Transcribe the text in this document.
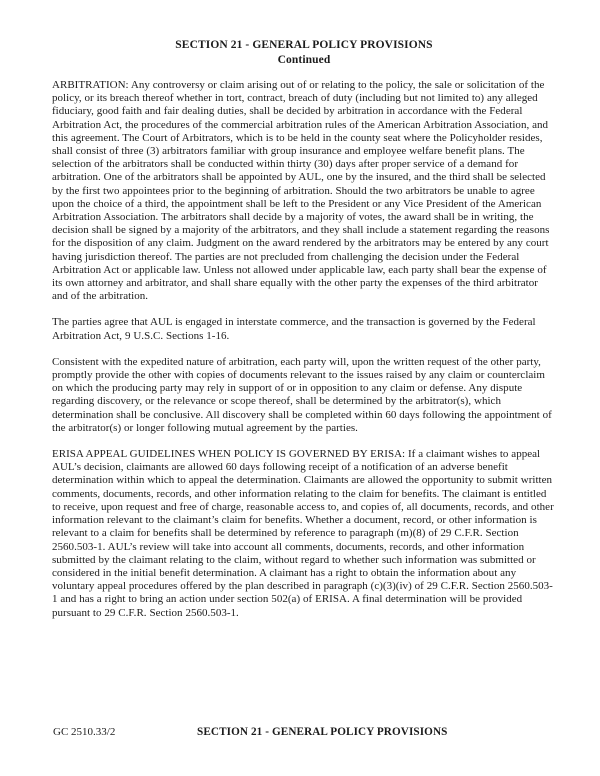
SECTION 21 - GENERAL POLICY PROVISIONS
Continued

ARBITRATION: Any controversy or claim arising out of or relating to the policy, the sale or solicitation of the policy, or its breach thereof whether in tort, contract, breach of duty (including but not limited to) any alleged fiduciary, good faith and fair dealing duties, shall be decided by arbitration in accordance with the Federal Arbitration Act, the procedures of the commercial arbitration rules of the American Arbitration Association, and this agreement. The Court of Arbitrators, which is to be held in the county seat where the Policyholder resides, shall consist of three (3) arbitrators familiar with group insurance and employee welfare benefit plans. The selection of the arbitrators shall be conducted within thirty (30) days after proper service of a demand for arbitration. One of the arbitrators shall be appointed by AUL, one by the insured, and the third shall be selected by the first two appointees prior to the beginning of arbitration. Should the two arbitrators be unable to agree upon the choice of a third, the appointment shall be left to the President or any Vice President of the American Arbitration Association. The arbitrators shall decide by a majority of votes, the award shall be in writing, the decision shall be signed by a majority of the arbitrators, and they shall include a statement regarding the reasons for the disposition of any claim. Judgment on the award rendered by the arbitrators may be entered by any court having jurisdiction thereof. The parties are not precluded from challenging the decision under the Federal Arbitration Act or applicable law. Unless not allowed under applicable law, each party shall bear the expense of its own attorney and arbitrator, and shall share equally with the other party the expenses of the third arbitrator and of the arbitration.

The parties agree that AUL is engaged in interstate commerce, and the transaction is governed by the Federal Arbitration Act, 9 U.S.C. Sections 1-16.

Consistent with the expedited nature of arbitration, each party will, upon the written request of the other party, promptly provide the other with copies of documents relevant to the issues raised by any claim or counterclaim on which the producing party may rely in support of or in opposition to any claim or defense. Any dispute regarding discovery, or the relevance or scope thereof, shall be determined by the arbitrator(s), which determination shall be conclusive. All discovery shall be completed within 60 days following the appointment of the arbitrator(s) or longer following mutual agreement by the parties.

ERISA APPEAL GUIDELINES WHEN POLICY IS GOVERNED BY ERISA: If a claimant wishes to appeal AUL’s decision, claimants are allowed 60 days following receipt of a notification of an adverse benefit determination within which to appeal the determination. Claimants are allowed the opportunity to submit written comments, documents, records, and other information relating to the claim for benefits. The claimant is entitled to receive, upon request and free of charge, reasonable access to, and copies of, all documents, records, and other information relevant to the claimant’s claim for benefits. Whether a document, record, or other information is relevant to a claim for benefits shall be determined by reference to paragraph (m)(8) of 29 C.F.R. Section 2560.503-1. AUL’s review will take into account all comments, documents, records, and other information submitted by the claimant relating to the claim, without regard to whether such information was submitted or considered in the initial benefit determination. A claimant has a right to obtain the information about any voluntary appeal procedures offered by the plan described in paragraph (c)(3)(iv) of 29 C.F.R. Section 2560.503-1 and has a right to bring an action under section 502(a) of ERISA. A final determination will be provided pursuant to 29 C.F.R. Section 2560.503-1.

GC 2510.33/2	SECTION 21 - GENERAL POLICY PROVISIONS
